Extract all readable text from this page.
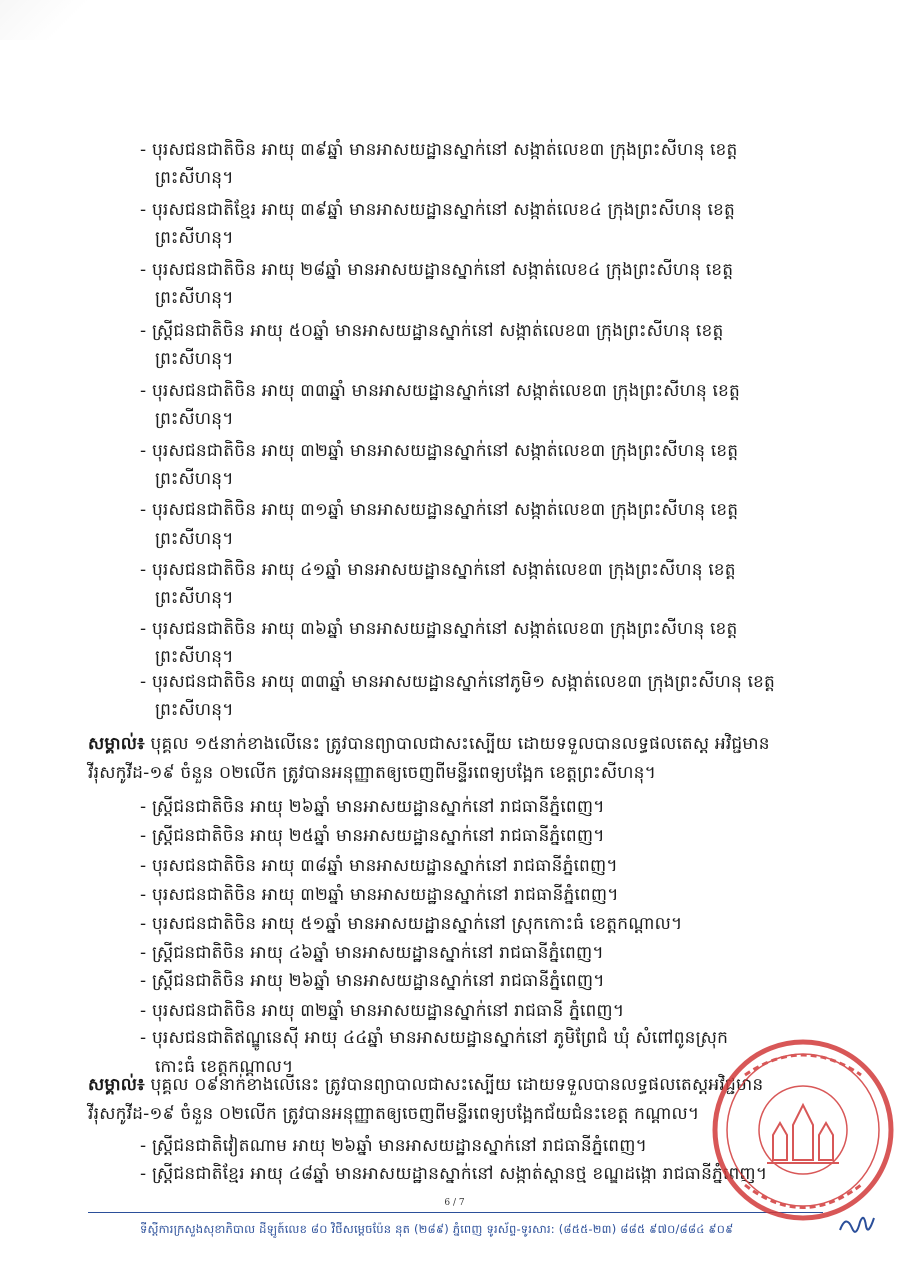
- បុរសជនជាតិចិន អាយុ ៣៩ឆ្នាំ មានអាសយដ្ឋានស្នាក់នៅ សង្កាត់លេខ៣ ក្រុងព្រះសីហនុ ខេត្ត
ព្រះសីហនុ។
- បុរសជនជាតិខ្មែរ អាយុ ៣៩ឆ្នាំ មានអាសយដ្ឋានស្នាក់នៅ សង្កាត់លេខ៤ ក្រុងព្រះសីហនុ ខេត្ត
ព្រះសីហនុ។
- បុរសជនជាតិចិន អាយុ ២៨ឆ្នាំ មានអាសយដ្ឋានស្នាក់នៅ សង្កាត់លេខ៤ ក្រុងព្រះសីហនុ ខេត្ត
ព្រះសីហនុ។
- ស្ត្រីជនជាតិចិន អាយុ ៥០ឆ្នាំ មានអាសយដ្ឋានស្នាក់នៅ សង្កាត់លេខ៣ ក្រុងព្រះសីហនុ ខេត្ត
ព្រះសីហនុ។
- បុរសជនជាតិចិន អាយុ ៣៣ឆ្នាំ មានអាសយដ្ឋានស្នាក់នៅ សង្កាត់លេខ៣ ក្រុងព្រះសីហនុ ខេត្ត
ព្រះសីហនុ។
- បុរសជនជាតិចិន អាយុ ៣២ឆ្នាំ មានអាសយដ្ឋានស្នាក់នៅ សង្កាត់លេខ៣ ក្រុងព្រះសីហនុ ខេត្ត
ព្រះសីហនុ។
- បុរសជនជាតិចិន អាយុ ៣១ឆ្នាំ មានអាសយដ្ឋានស្នាក់នៅ សង្កាត់លេខ៣ ក្រុងព្រះសីហនុ ខេត្ត
ព្រះសីហនុ។
- បុរសជនជាតិចិន អាយុ ៤១ឆ្នាំ មានអាសយដ្ឋានស្នាក់នៅ សង្កាត់លេខ៣ ក្រុងព្រះសីហនុ ខេត្ត
ព្រះសីហនុ។
- បុរសជនជាតិចិន អាយុ ៣៦ឆ្នាំ មានអាសយដ្ឋានស្នាក់នៅ សង្កាត់លេខ៣ ក្រុងព្រះសីហនុ ខេត្ត
ព្រះសីហនុ។
- បុរសជនជាតិចិន អាយុ ៣៣ឆ្នាំ មានអាសយដ្ឋានស្នាក់នៅភូមិ១ សង្កាត់លេខ៣ ក្រុងព្រះសីហនុ ខេត្ត
ព្រះសីហនុ។
សម្គាល់៖ បុគ្គល ១៥នាក់ខាងលើនេះ ត្រូវបានព្យាបាលជាសះស្បើយ ដោយទទួលបានលទ្ធផលតេស្ត អវិជ្ជមាន
វីរុសកូវីដ-១៩ ចំនួន ០២លើក ត្រូវបានអនុញ្ញាតឲ្យចេញពីមន្ទីរពេទ្យបង្អែក ខេត្តព្រះសីហនុ។
- ស្ត្រីជនជាតិចិន អាយុ ២៦ឆ្នាំ មានអាសយដ្ឋានស្នាក់នៅ រាជធានីភ្នំពេញ។
- ស្ត្រីជនជាតិចិន អាយុ ២៥ឆ្នាំ មានអាសយដ្ឋានស្នាក់នៅ រាជធានីភ្នំពេញ។
- បុរសជនជាតិចិន អាយុ ៣៨ឆ្នាំ មានអាសយដ្ឋានស្នាក់នៅ រាជធានីភ្នំពេញ។
- បុរសជនជាតិចិន អាយុ ៣២ឆ្នាំ មានអាសយដ្ឋានស្នាក់នៅ រាជធានីភ្នំពេញ។
- បុរសជនជាតិចិន អាយុ ៥១ឆ្នាំ មានអាសយដ្ឋានស្នាក់នៅ ស្រុកកោះធំ ខេត្តកណ្ដាល។
- ស្ត្រីជនជាតិចិន អាយុ ៤៦ឆ្នាំ មានអាសយដ្ឋានស្នាក់នៅ រាជធានីភ្នំពេញ។
- ស្ត្រីជនជាតិចិន អាយុ ២៦ឆ្នាំ មានអាសយដ្ឋានស្នាក់នៅ រាជធានីភ្នំពេញ។
- បុរសជនជាតិចិន អាយុ ៣២ឆ្នាំ មានអាសយដ្ឋានស្នាក់នៅ រាជធានី ភ្នំពេញ។
- បុរសជនជាតិឥណ្ឌូនេស៊ី អាយុ ៤៤ឆ្នាំ មានអាសយដ្ឋានស្នាក់នៅ ភូមិព្រែជំ ឃុំ សំពៅពូនស្រុក
កោះធំ ខេត្តកណ្ដាល។
សម្គាល់៖ បុគ្គល ០៩នាក់ខាងលើនេះ ត្រូវបានព្យាបាលជាសះស្បើយ ដោយទទួលបានលទ្ធផលតេស្តអវិជ្ជមាន
វីរុសកូវីដ-១៩ ចំនួន ០២លើក ត្រូវបានអនុញ្ញាតឲ្យចេញពីមន្ទីរពេទ្យបង្អែកជ័យជំនះខេត្ត កណ្ដាល។
- ស្ត្រីជនជាតិវៀតណាម អាយុ ២៦ឆ្នាំ មានអាសយដ្ឋានស្នាក់នៅ រាជធានីភ្នំពេញ។
- ស្ត្រីជនជាតិខ្មែរ អាយុ ៤៨ឆ្នាំ មានអាសយដ្ឋានស្នាក់នៅ សង្កាត់ស្ពានថ្ម ខណ្ឌដង្កោ រាជធានីភ្នំពេញ។
6 / 7
ទីស្តីការក្រសួងសុខាភិបាល ដីឡូត៍លេខ ៨០ វិថីសម្ដេចប៉ែន នុត (២៨៩) ភ្នំពេញ ទូរស័ព្ទ-ទូរសារ: (៨៥៥-២៣) ៨៨៥ ៩៧០/៨៨៤ ៩០៩
